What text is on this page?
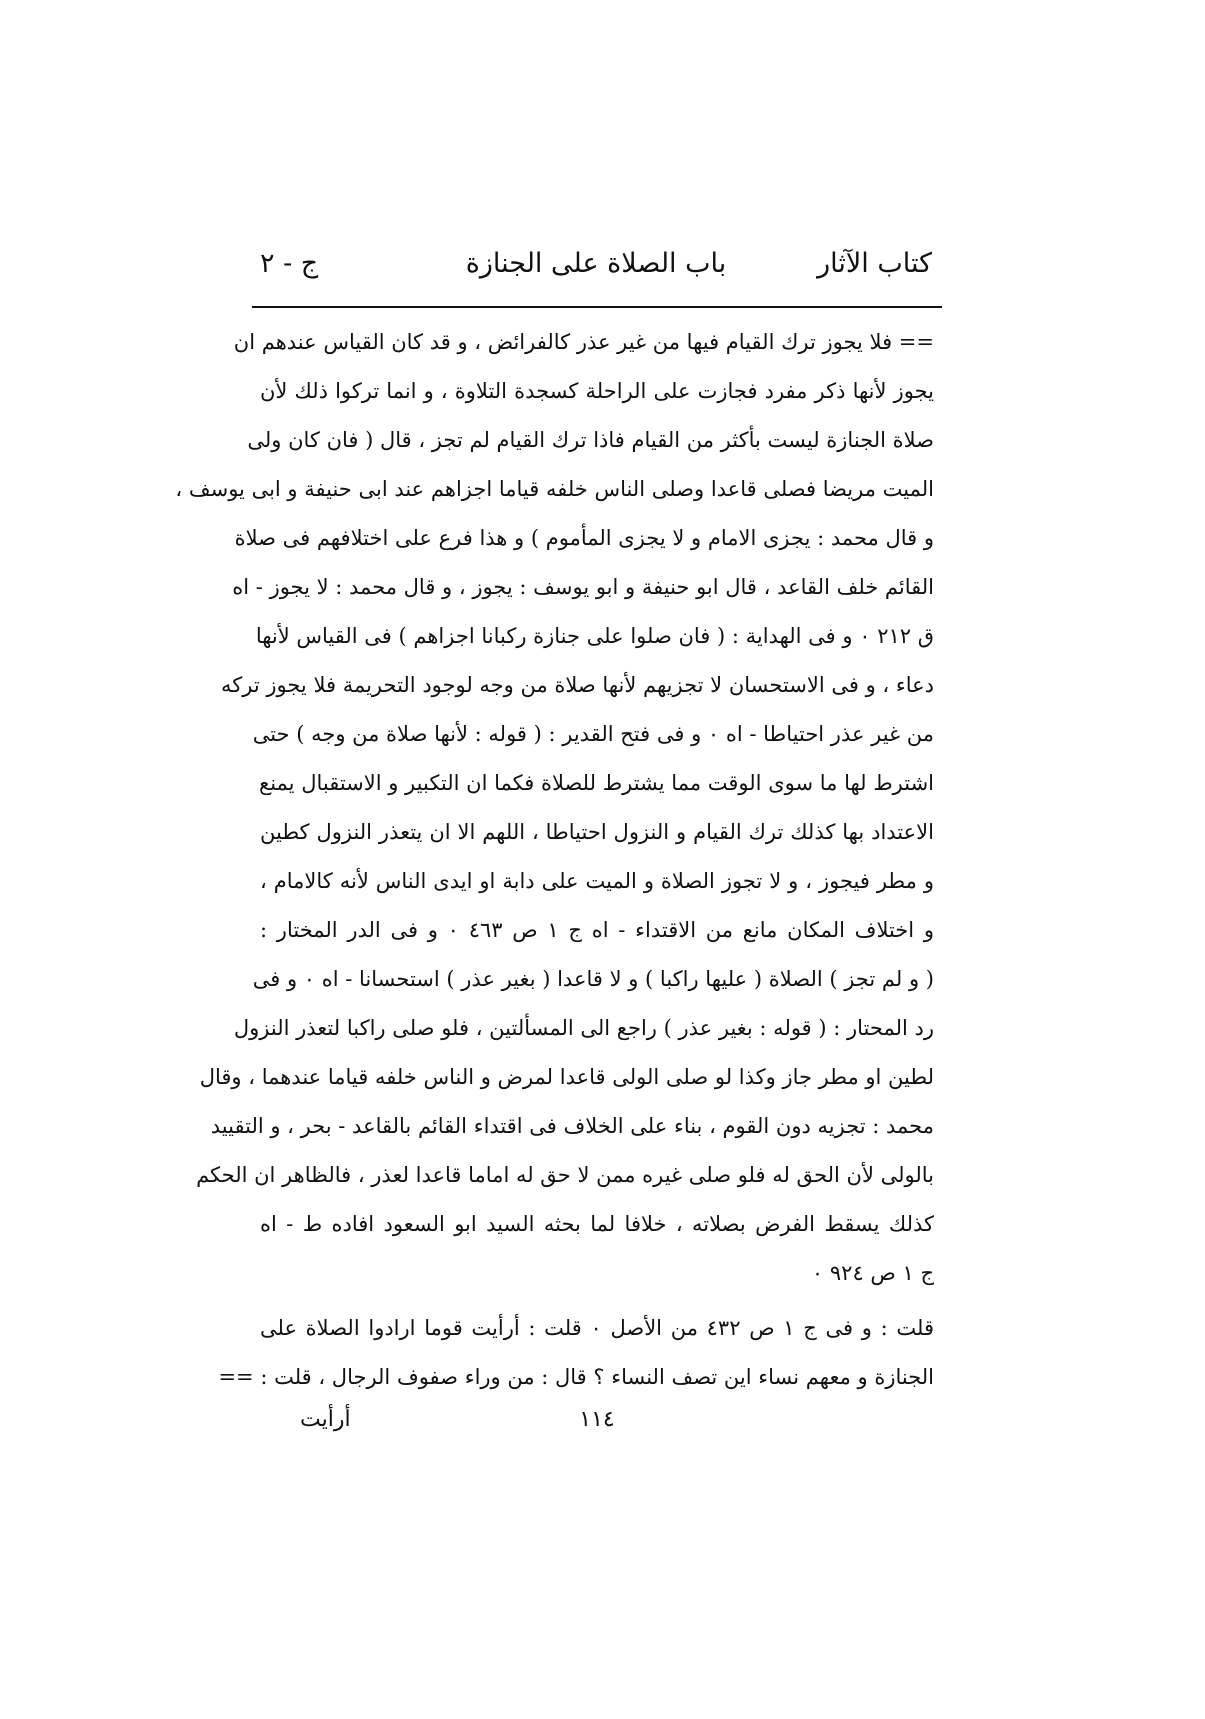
كتاب الآثار
باب الصلاة على الجنازة
ج - ٢
== فلا يجوز ترك القيام فيها من غير عذر كالفرائض ، و قد كان القياس عندهم ان
يجوز لأنها ذكر مفرد فجازت على الراحلة كسجدة التلاوة ، و انما تركوا ذلك لأن
صلاة الجنازة ليست بأكثر من القيام فاذا ترك القيام لم تجز ، قال ( فان كان ولى
الميت مريضا فصلى قاعدا وصلى الناس خلفه قياما اجزاهم عند ابى حنيفة و ابى يوسف ،
و قال محمد : يجزى الامام و لا يجزى المأموم ) و هذا فرع على اختلافهم فى صلاة
القائم خلف القاعد ، قال ابو حنيفة و ابو يوسف : يجوز ، و قال محمد : لا يجوز - اه
ق ٢١٢ ٠ و فى الهداية : ( فان صلوا على جنازة ركبانا اجزاهم ) فى القياس لأنها
دعاء ، و فى الاستحسان لا تجزيهم لأنها صلاة من وجه لوجود التحريمة فلا يجوز تركه
من غير عذر احتياطا - اه ٠ و فى فتح القدير : ( قوله : لأنها صلاة من وجه ) حتى
اشترط لها ما سوى الوقت مما يشترط للصلاة فكما ان التكبير و الاستقبال يمنع
الاعتداد بها كذلك ترك القيام و النزول احتياطا ، اللهم الا ان يتعذر النزول كطين
و مطر فيجوز ، و لا تجوز الصلاة و الميت على دابة او ايدى الناس لأنه كالامام ،
و اختلاف المكان مانع من الاقتداء - اه ج ١ ص ٤٦٣ ٠ و فى الدر المختار :
( و لم تجز ) الصلاة ( عليها راكبا ) و لا قاعدا ( بغير عذر ) استحسانا - اه ٠ و فى
رد المحتار : ( قوله : بغير عذر ) راجع الى المسألتين ، فلو صلى راكبا لتعذر النزول
لطين او مطر جاز وكذا لو صلى الولى قاعدا لمرض و الناس خلفه قياما عندهما ، وقال
محمد : تجزيه دون القوم ، بناء على الخلاف فى اقتداء القائم بالقاعد - بحر ، و التقييد
بالولى لأن الحق له فلو صلى غيره ممن لا حق له اماما قاعدا لعذر ، فالظاهر ان الحكم
كذلك يسقط الفرض بصلاته ، خلافا لما بحثه السيد ابو السعود افاده ط - اه
ج ١ ص ٩٢٤ ٠
قلت : و فى ج ١ ص ٤٣٢ من الأصل ٠ قلت : أرأيت قوما ارادوا الصلاة على
الجنازة و معهم نساء اين تصف النساء ؟ قال : من وراء صفوف الرجال ، قلت : ==
١١٤
أرأيت
